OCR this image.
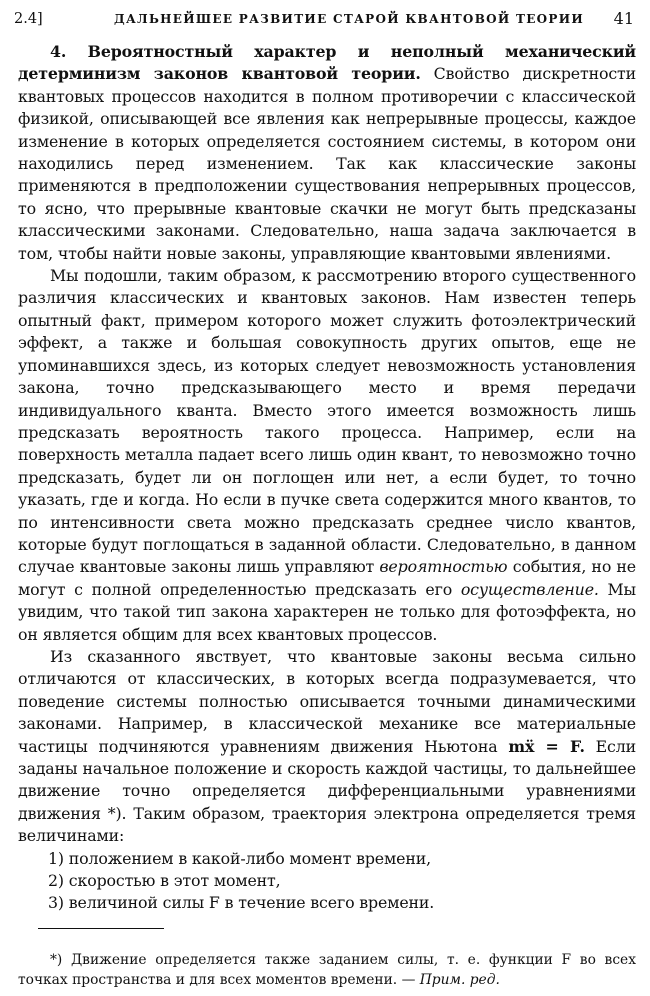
2.4]	ДАЛЬНЕЙШЕЕ РАЗВИТИЕ СТАРОЙ КВАНТОВОЙ ТЕОРИИ 41

4. Вероятностный характер и неполный механический детерминизм законов квантовой теории. Свойство дискретности квантовых процессов находится в полном противоречии с классической физикой, описывающей все явления как непрерывные процессы, каждое изменение в которых определяется состоянием системы, в котором они находились перед изменением. Так как классические законы применяются в предположении существования непрерывных процессов, то ясно, что прерывные квантовые скачки не могут быть предсказаны классическими законами. Следовательно, наша задача заключается в том, чтобы найти новые законы, управляющие квантовыми явлениями.

Мы подошли, таким образом, к рассмотрению второго существенного различия классических и квантовых законов. Нам известен теперь опытный факт, примером которого может служить фотоэлектрический эффект, а также и большая совокупность других опытов, еще не упоминавшихся здесь, из которых следует невозможность установления закона, точно предсказывающего место и время передачи индивидуального кванта. Вместо этого имеется возможность лишь предсказать вероятность такого процесса. Например, если на поверхность металла падает всего лишь один квант, то невозможно точно предсказать, будет ли он поглощен или нет, а если будет, то точно указать, где и когда. Но если в пучке света содержится много квантов, то по интенсивности света можно предсказать среднее число квантов, которые будут поглощаться в заданной области. Следовательно, в данном случае квантовые законы лишь управляют вероятностью события, но не могут с полной определенностью предсказать его осуществление. Мы увидим, что такой тип закона характерен не только для фотоэффекта, но он является общим для всех квантовых процессов.

Из сказанного явствует, что квантовые законы весьма сильно отличаются от классических, в которых всегда подразумевается, что поведение системы полностью описывается точными динамическими законами. Например, в классической механике все материальные частицы подчиняются уравнениям движения Ньютона mẍ = F. Если заданы начальное положение и скорость каждой частицы, то дальнейшее движение точно определяется дифференциальными уравнениями движения *). Таким образом, траектория электрона определяется тремя величинами:

1) положением в какой-либо момент времени,
2) скоростью в этот момент,
3) величиной силы F в течение всего времени.

*) Движение определяется также заданием силы, т. е. функции F во всех точках пространства и для всех моментов времени. — Прим. ред.
